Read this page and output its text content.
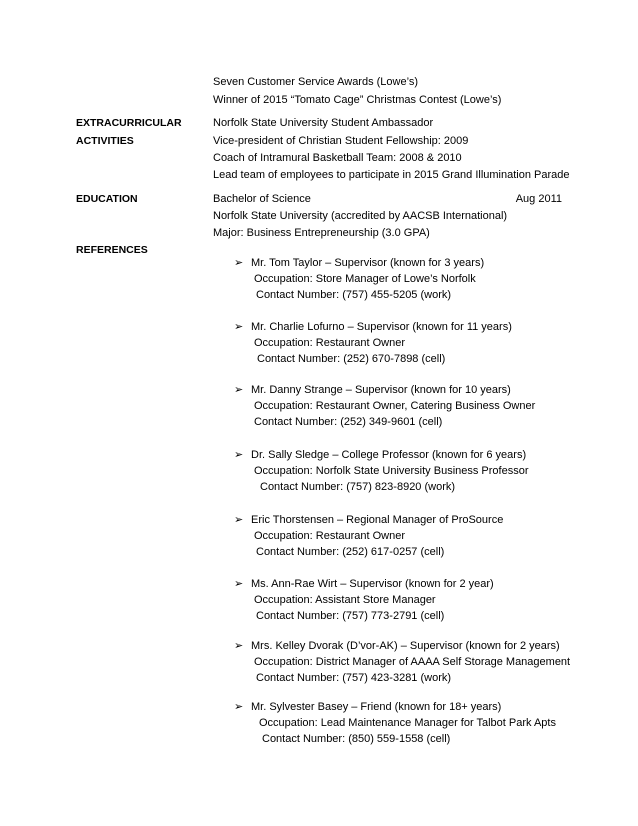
Seven Customer Service Awards (Lowe’s)
Winner of 2015 “Tomato Cage” Christmas Contest (Lowe’s)
EXTRACURRICULAR
ACTIVITIES
Norfolk State University Student Ambassador
Vice-president of Christian Student Fellowship: 2009
Coach of Intramural Basketball Team: 2008 & 2010
Lead team of employees to participate in 2015 Grand Illumination Parade
EDUCATION	Bachelor of Science	Aug 2011
Norfolk State University (accredited by AACSB International)
Major: Business Entrepreneurship (3.0 GPA)
REFERENCES
➢ Mr. Tom Taylor – Supervisor (known for 3 years)
Occupation: Store Manager of Lowe’s Norfolk
Contact Number: (757) 455-5205 (work)
➢ Mr. Charlie Lofurno – Supervisor (known for 11 years)
Occupation: Restaurant Owner
Contact Number: (252) 670-7898 (cell)
➢ Mr. Danny Strange – Supervisor (known for 10 years)
Occupation: Restaurant Owner, Catering Business Owner
Contact Number: (252) 349-9601 (cell)
➢ Dr. Sally Sledge – College Professor (known for 6 years)
Occupation: Norfolk State University Business Professor
Contact Number: (757) 823-8920 (work)
➢ Eric Thorstensen – Regional Manager of ProSource
Occupation: Restaurant Owner
Contact Number: (252) 617-0257 (cell)
➢ Ms. Ann-Rae Wirt – Supervisor (known for 2 year)
Occupation: Assistant Store Manager
Contact Number: (757) 773-2791 (cell)
➢ Mrs. Kelley Dvorak (D’vor-AK) – Supervisor (known for 2 years)
Occupation: District Manager of AAAA Self Storage Management
Contact Number: (757) 423-3281 (work)
➢ Mr. Sylvester Basey – Friend (known for 18+ years)
Occupation: Lead Maintenance Manager for Talbot Park Apts
Contact Number: (850) 559-1558 (cell)
